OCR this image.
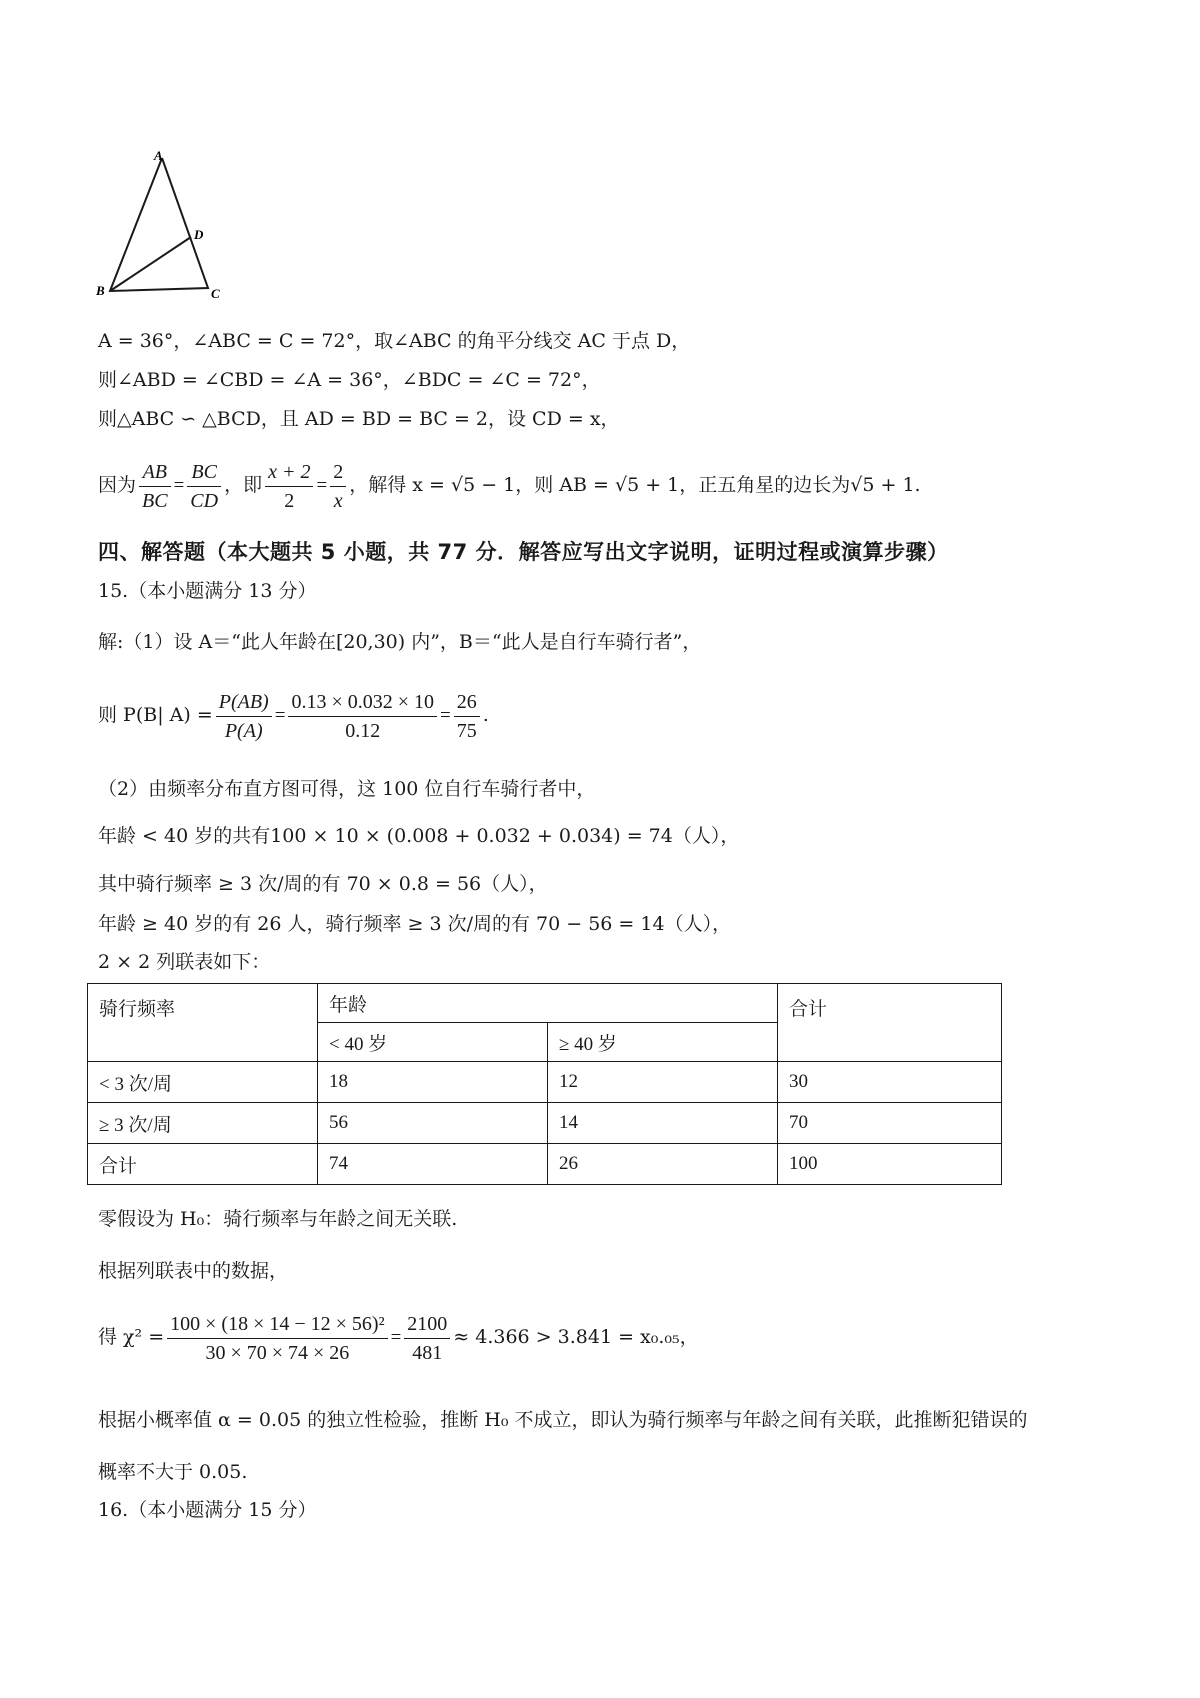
A
B	C
D
A = 36°，∠ABC = C = 72°，取∠ABC 的角平分线交 AC 于点 D，
则∠ABD = ∠CBD = ∠A = 36°，∠BDC = ∠C = 72°，
则△ABC ∽ △BCD，且 AD = BD = BC = 2，设 CD = x，
因为 $\frac{AB}{BC} = \frac{BC}{CD}$ ，即 $\frac{x + 2}{2} = \frac{2}{x}$ ，解得 x = √5 − 1，则 AB = √5 + 1，正五角星的边长为√5 + 1.
四、解答题（本大题共 5 小题，共 77 分．解答应写出文字说明，证明过程或演算步骤）
15.（本小题满分 13 分）
解:（1）设 A＝“此人年龄在[20,30) 内”，B＝“此人是自行车骑行者”，
则 P(B| $A) = \frac{P(AB)}{P(A)} = \frac{0.13 \times 0.032 \times 10}{0.12} = \frac{26}{75}$ .
（2）由频率分布直方图可得，这 100 位自行车骑行者中，
年龄 < 40 岁的共有100 × 10 × (0.008 + 0.032 + 0.034) = 74（人），
其中骑行频率 ≥ 3 次/周的有 70 × 0.8 = 56（人），
年龄 ≥ 40 岁的有 26 人，骑行频率 ≥ 3 次/周的有 70 − 56 = 14（人），
2 × 2 列联表如下：
骑行频率	年龄		合计
	< 40 岁	≥ 40 岁	
< 3 次/周	18	12	30
≥ 3 次/周	56	14	70
合计	74	26	100
零假设为 H₀：骑行频率与年龄之间无关联.
根据列联表中的数据，
得 $\chi^2 = \frac{\text{100 × (18 × 14 − 12 × 56)²}}{30 \times 70 \times 74 \times 26} = \frac{2100}{481} \approx 4.366 > 3.841 = x_0._{05}$，
根据小概率值 α = 0.05 的独立性检验，推断 H₀ 不成立，即认为骑行频率与年龄之间有关联，此推断犯错误的
概率不大于 0.05.
16.（本小题满分 15 分）
